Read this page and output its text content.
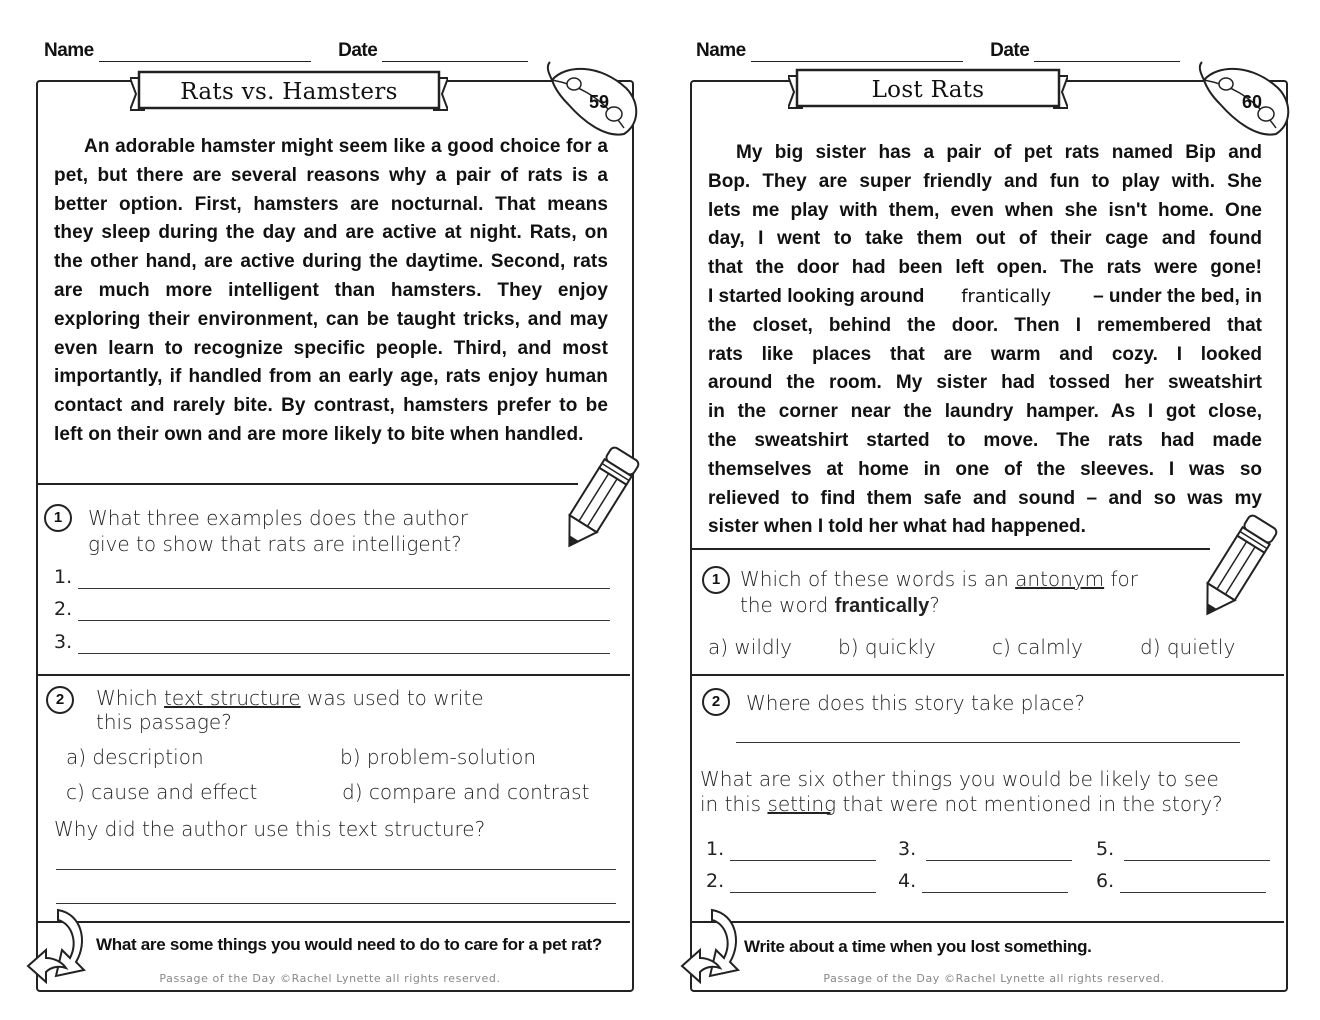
Name	Date
Rats vs. Hamsters	59
An adorable hamster might seem like a good choice for a pet, but there are several reasons why a pair of rats is a better option. First, hamsters are nocturnal. That means they sleep during the day and are active at night. Rats, on the other hand, are active during the daytime. Second, rats are much more intelligent than hamsters. They enjoy exploring their environment, can be taught tricks, and may even learn to recognize specific people. Third, and most importantly, if handled from an early age, rats enjoy human contact and rarely bite. By contrast, hamsters prefer to be left on their own and are more likely to bite when handled.
1	What three examples does the author
give to show that rats are intelligent?
1.
2.
3.
2	Which text structure was used to write
this passage?
a) description	b) problem-solution
c) cause and effect	d) compare and contrast
Why did the author use this text structure?
What are some things you would need to do to care for a pet rat?
Passage of the Day ©Rachel Lynette all rights reserved.
Name	Date
Lost Rats	60
My big sister has a pair of pet rats named Bip and
Bop. They are super friendly and fun to play with. She
lets me play with them, even when she isn't home. One
day, I went to take them out of their cage and found
that the door had been left open. The rats were gone!
I started looking around frantically – under the bed, in
the closet, behind the door. Then I remembered that
rats like places that are warm and cozy. I looked
around the room. My sister had tossed her sweatshirt
in the corner near the laundry hamper. As I got close,
the sweatshirt started to move. The rats had made
themselves at home in one of the sleeves. I was so
relieved to find them safe and sound – and so was my
sister when I told her what had happened.
1 Which of these words is an antonym for
the word frantically?
a) wildly b) quickly	c) calmly	d) quietly
2	Where does this story take place?
What are six other things you would be likely to see
in this setting that were not mentioned in the story?
1.	3.	5.
2.	4.	6.
Write about a time when you lost something.
Passage of the Day ©Rachel Lynette all rights reserved.
